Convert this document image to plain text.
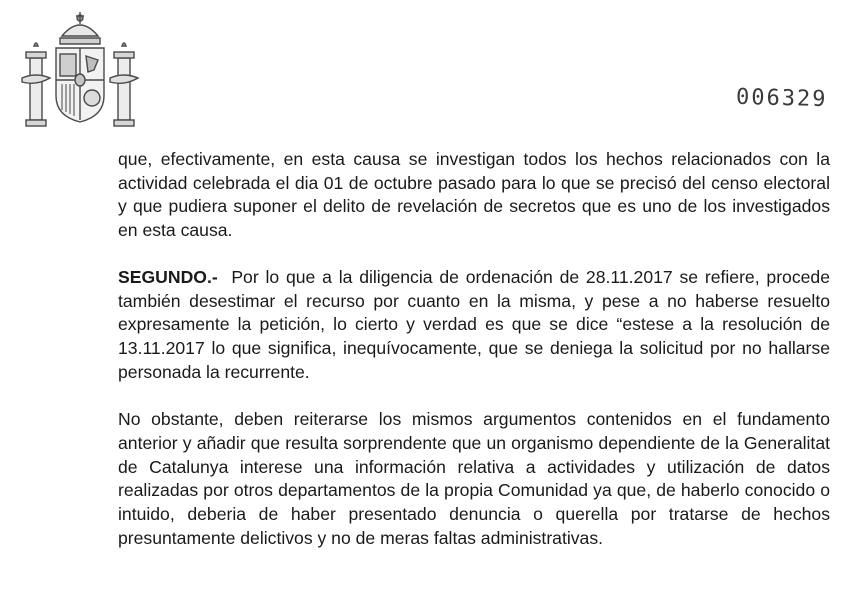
006329

que, efectivamente, en esta causa se investigan todos los hechos relacionados con la actividad celebrada el dia 01 de octubre pasado para lo que se precisó del censo electoral y que pudiera suponer el delito de revelación de secretos que es uno de los investigados en esta causa.

SEGUNDO.- Por lo que a la diligencia de ordenación de 28.11.2017 se refiere, procede también desestimar el recurso por cuanto en la misma, y pese a no haberse resuelto expresamente la petición, lo cierto y verdad es que se dice “estese a la resolución de 13.11.2017 lo que significa, inequívocamente, que se deniega la solicitud por no hallarse personada la recurrente.

No obstante, deben reiterarse los mismos argumentos contenidos en el fundamento anterior y añadir que resulta sorprendente que un organismo dependiente de la Generalitat de Catalunya interese una información relativa a actividades y utilización de datos realizadas por otros departamentos de la propia Comunidad ya que, de haberlo conocido o intuido, deberia de haber presentado denuncia o querella por tratarse de hechos presuntamente delictivos y no de meras faltas administrativas.
